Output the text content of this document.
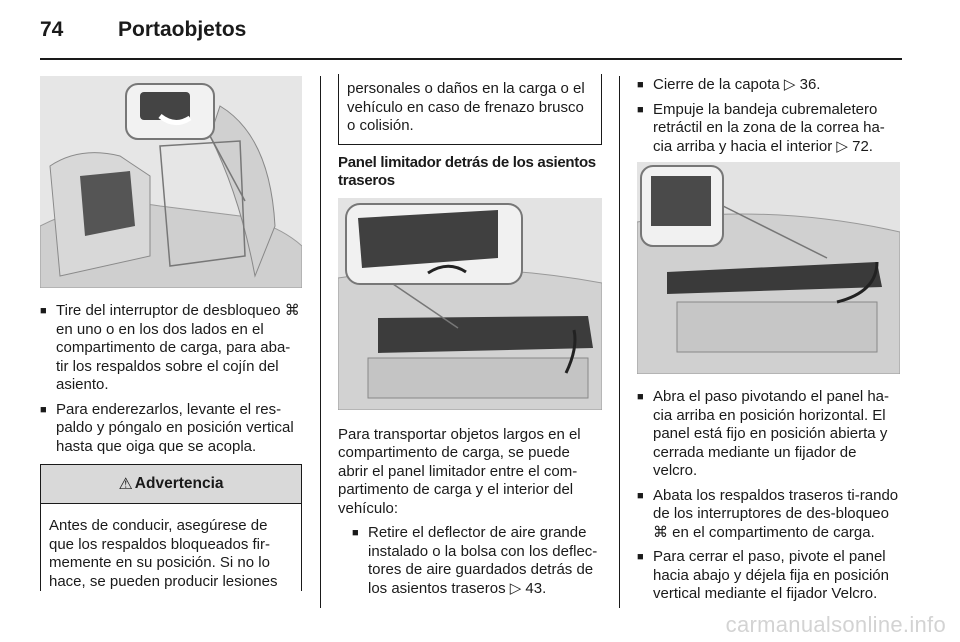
74	Portaobjetos
■ Tire del interruptor de desbloqueo ⌘ en uno o en los dos lados en el compartimento de carga, para aba-tir los respaldos sobre el cojín del asiento.
■ Para enderezarlos, levante el res-paldo y póngalo en posición vertical hasta que oiga que se acopla.
⚠ Advertencia
Antes de conducir, asegúrese de que los respaldos bloqueados fir-memente en su posición. Si no lo hace, se pueden producir lesiones
personales o daños en la carga o el vehículo en caso de frenazo brusco o colisión.

Panel limitador detrás de los asientos traseros

Para transportar objetos largos en el compartimento de carga, se puede abrir el panel limitador entre el com-partimento de carga y el interior del vehículo:

■ Retire el deflector de aire grande instalado o la bolsa con los deflec-tores de aire guardados detrás de los asientos traseros ▷ 43.
■ Cierre de la capota ▷ 36.
■ Empuje la bandeja cubremaletero retráctil en la zona de la correa ha-cia arriba y hacia el interior ▷ 72.
■ Abra el paso pivotando el panel ha-cia arriba en posición horizontal. El panel está fijo en posición abierta y cerrada mediante un fijador de velcro.
■ Abata los respaldos traseros ti-rando de los interruptores de des-bloqueo ⌘ en el compartimento de carga.
■ Para cerrar el paso, pivote el panel hacia abajo y déjela fija en posición vertical mediante el fijador Velcro.
carmanualsonline.info
